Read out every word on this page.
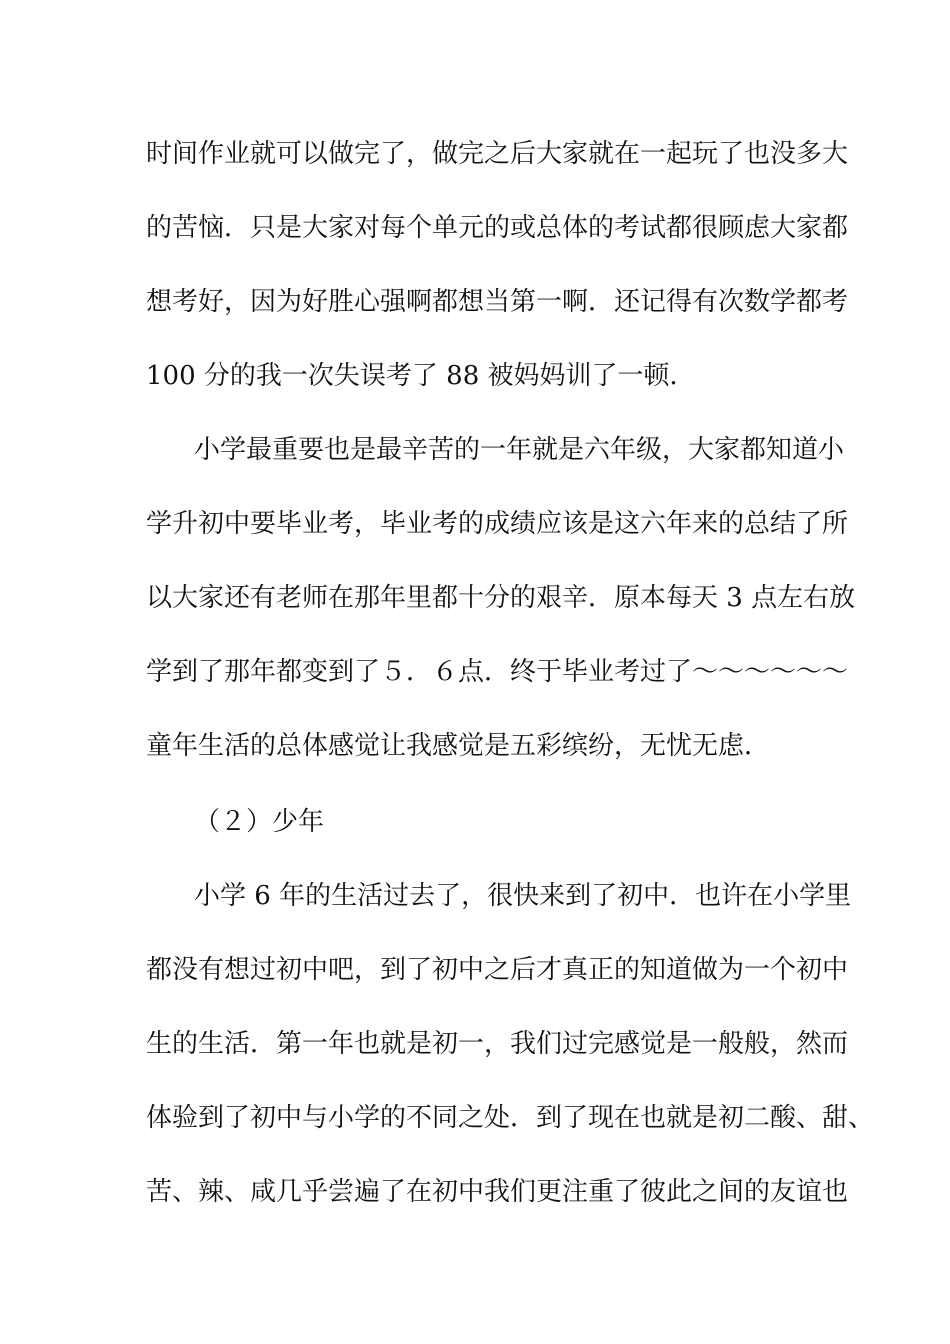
时间作业就可以做完了，做完之后大家就在一起玩了也没多大
的苦恼．只是大家对每个单元的或总体的考试都很顾虑大家都
想考好，因为好胜心强啊都想当第一啊．还记得有次数学都考
100 分的我一次失误考了 88 被妈妈训了一顿．
小学最重要也是最辛苦的一年就是六年级，大家都知道小
学升初中要毕业考，毕业考的成绩应该是这六年来的总结了所
以大家还有老师在那年里都十分的艰辛．原本每天 3 点左右放
学到了那年都变到了５．６点．终于毕业考过了～～～～～～
童年生活的总体感觉让我感觉是五彩缤纷，无忧无虑．
（２）少年
小学 6 年的生活过去了，很快来到了初中．也许在小学里
都没有想过初中吧，到了初中之后才真正的知道做为一个初中
生的生活．第一年也就是初一，我们过完感觉是一般般，然而
体验到了初中与小学的不同之处．到了现在也就是初二酸、甜、
苦、辣、咸几乎尝遍了在初中我们更注重了彼此之间的友谊也
